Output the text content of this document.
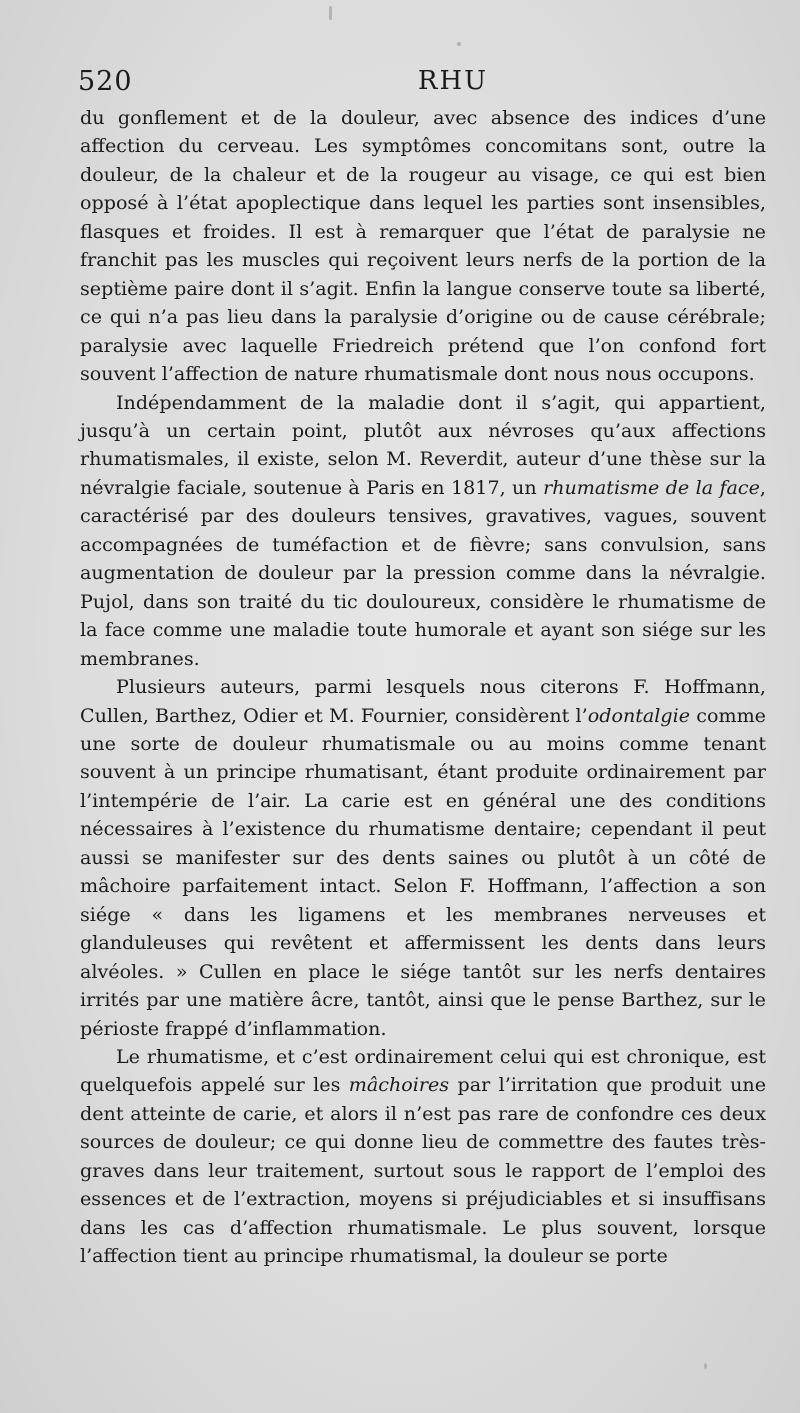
520	RHU

du gonflement et de la douleur, avec absence des indices d’une affection du cerveau. Les symptômes concomitans sont, outre la douleur, de la chaleur et de la rougeur au visage, ce qui est bien opposé à l’état apoplectique dans lequel les parties sont insensibles, flasques et froides. Il est à remarquer que l’état de paralysie ne franchit pas les muscles qui reçoivent leurs nerfs de la portion de la septième paire dont il s’agit. Enfin la langue conserve toute sa liberté, ce qui n’a pas lieu dans la paralysie d’origine ou de cause cérébrale; paralysie avec laquelle Friedreich prétend que l’on confond fort souvent l’affection de nature rhumatismale dont nous nous occupons.

Indépendamment de la maladie dont il s’agit, qui appartient, jusqu’à un certain point, plutôt aux névroses qu’aux affections rhumatismales, il existe, selon M. Reverdit, auteur d’une thèse sur la névralgie faciale, soutenue à Paris en 1817, un rhumatisme de la face, caractérisé par des douleurs tensives, gravatives, vagues, souvent accompagnées de tuméfaction et de fièvre; sans convulsion, sans augmentation de douleur par la pression comme dans la névralgie. Pujol, dans son traité du tic douloureux, considère le rhumatisme de la face comme une maladie toute humorale et ayant son siége sur les membranes.

Plusieurs auteurs, parmi lesquels nous citerons F. Hoffmann, Cullen, Barthez, Odier et M. Fournier, considèrent l’odontalgie comme une sorte de douleur rhumatismale ou au moins comme tenant souvent à un principe rhumatisant, étant produite ordinairement par l’intempérie de l’air. La carie est en général une des conditions nécessaires à l’existence du rhumatisme dentaire; cependant il peut aussi se manifester sur des dents saines ou plutôt à un côté de mâchoire parfaitement intact. Selon F. Hoffmann, l’affection a son siége « dans les ligamens et les membranes nerveuses et glanduleuses qui revêtent et affermissent les dents dans leurs alvéoles. » Cullen en place le siége tantôt sur les nerfs dentaires irrités par une matière âcre, tantôt, ainsi que le pense Barthez, sur le périoste frappé d’inflammation.

Le rhumatisme, et c’est ordinairement celui qui est chronique, est quelquefois appelé sur les mâchoires par l’irritation que produit une dent atteinte de carie, et alors il n’est pas rare de confondre ces deux sources de douleur; ce qui donne lieu de commettre des fautes très-graves dans leur traitement, surtout sous le rapport de l’emploi des essences et de l’extraction, moyens si préjudiciables et si insuffisans dans les cas d’affection rhumatismale. Le plus souvent, lorsque l’affection tient au principe rhumatismal, la douleur se porte
